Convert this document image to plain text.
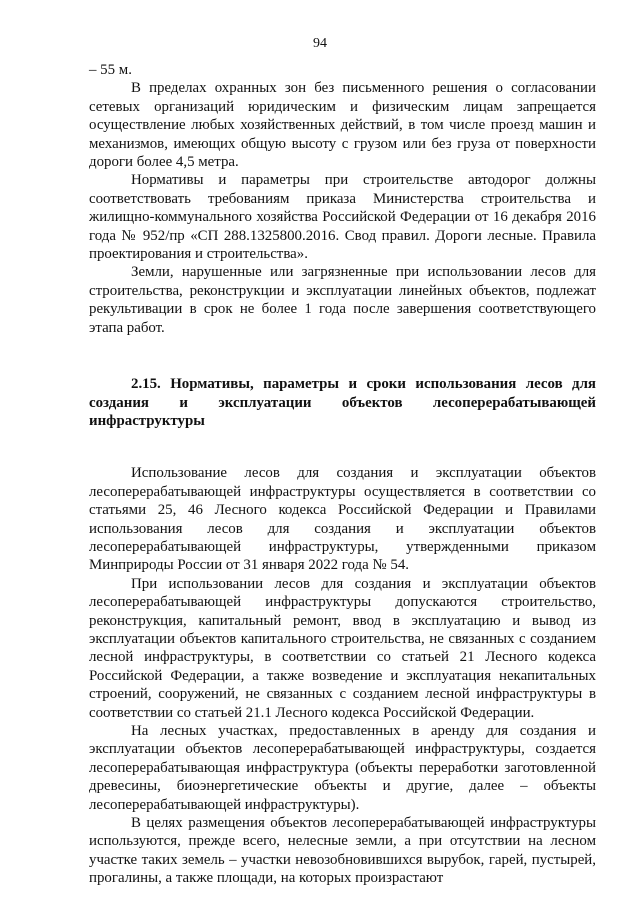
94

– 55 м.

В пределах охранных зон без письменного решения о согласовании сетевых организаций юридическим и физическим лицам запрещается осуществление любых хозяйственных действий, в том числе проезд машин и механизмов, имеющих общую высоту с грузом или без груза от поверхности дороги более 4,5 метра.

Нормативы и параметры при строительстве автодорог должны соответствовать требованиям приказа Министерства строительства и жилищно-коммунального хозяйства Российской Федерации от 16 декабря 2016 года № 952/пр «СП 288.1325800.2016. Свод правил. Дороги лесные. Правила проектирования и строительства».

Земли, нарушенные или загрязненные при использовании лесов для строительства, реконструкции и эксплуатации линейных объектов, подлежат рекультивации в срок не более 1 года после завершения соответствующего этапа работ.

2.15. Нормативы, параметры и сроки использования лесов для создания и эксплуатации объектов лесоперерабатывающей инфраструктуры

Использование лесов для создания и эксплуатации объектов лесоперерабатывающей инфраструктуры осуществляется в соответствии со статьями 25, 46 Лесного кодекса Российской Федерации и Правилами использования лесов для создания и эксплуатации объектов лесоперерабатывающей инфраструктуры, утвержденными приказом Минприроды России от 31 января 2022 года № 54.

При использовании лесов для создания и эксплуатации объектов лесоперерабатывающей инфраструктуры допускаются строительство, реконструкция, капитальный ремонт, ввод в эксплуатацию и вывод из эксплуатации объектов капитального строительства, не связанных с созданием лесной инфраструктуры, в соответствии со статьей 21 Лесного кодекса Российской Федерации, а также возведение и эксплуатация некапитальных строений, сооружений, не связанных с созданием лесной инфраструктуры в соответствии со статьей 21.1 Лесного кодекса Российской Федерации.

На лесных участках, предоставленных в аренду для создания и эксплуатации объектов лесоперерабатывающей инфраструктуры, создается лесоперерабатывающая инфраструктура (объекты переработки заготовленной древесины, биоэнергетические объекты и другие, далее – объекты лесоперерабатывающей инфраструктуры).

В целях размещения объектов лесоперерабатывающей инфраструктуры используются, прежде всего, нелесные земли, а при отсутствии на лесном участке таких земель – участки невозобновившихся вырубок, гарей, пустырей, прогалины, а также площади, на которых произрастают
